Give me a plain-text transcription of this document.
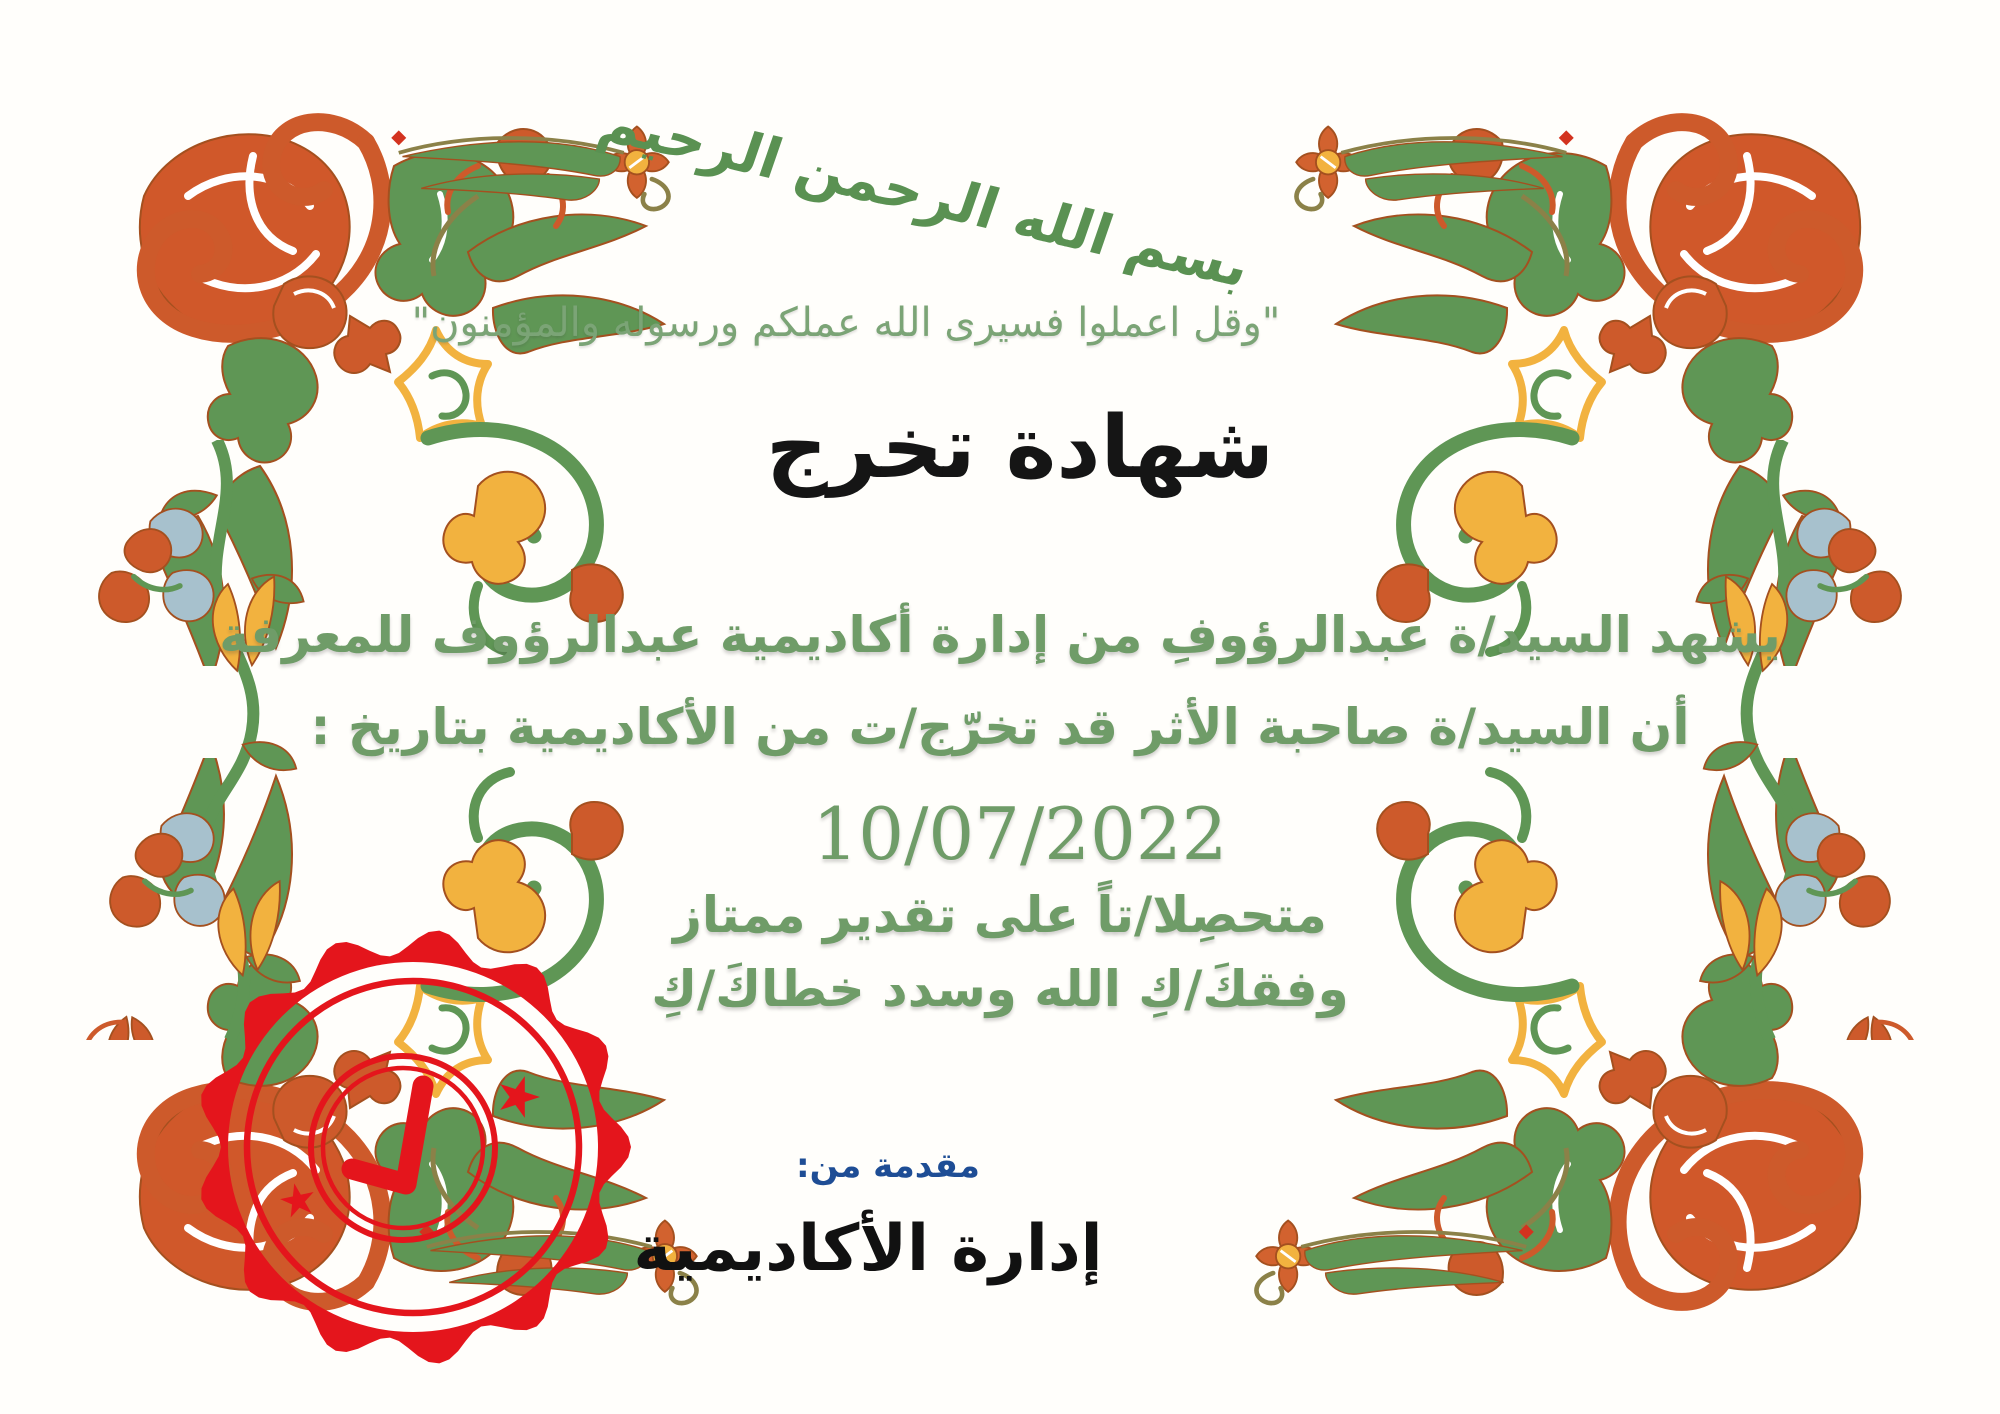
بسم الله الرحمن الرحيم
"وقل اعملوا فسيرى الله عملكم ورسوله والمؤمنون"
شهادة تخرج
يشهد السيد/ة عبدالرؤوفِ من إدارة أكاديمية عبدالرؤوف للمعرفة
أن السيد/ة صاحبة الأثر قد تخرّج/ت من الأكاديمية بتاريخ :
10/07/2022
متحصِلا/تاً على تقدير ممتاز
وفقكَ/كِ الله وسدد خطاكَ/كِ
مقدمة من:
إدارة الأكاديمية
